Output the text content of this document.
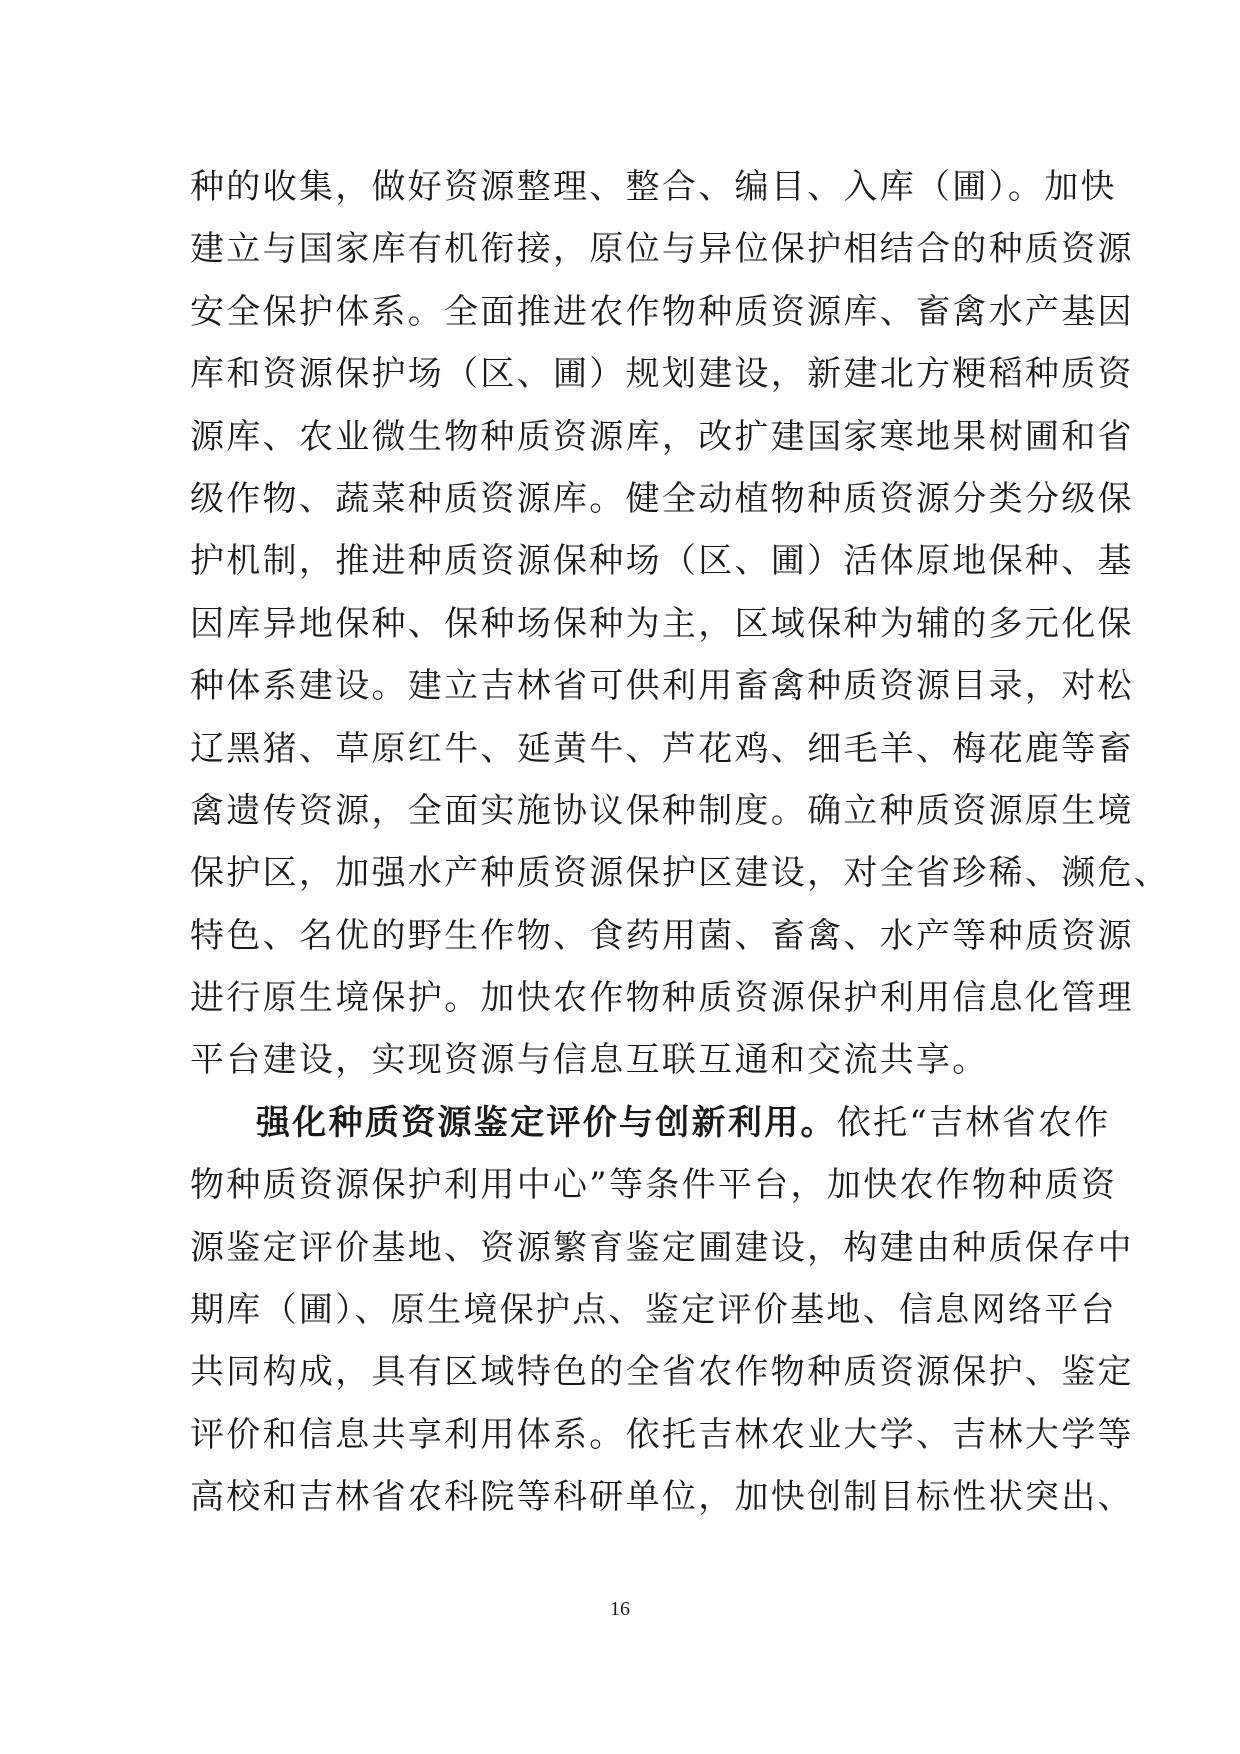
种的收集，做好资源整理、整合、编目、入库（圃）。加快
建立与国家库有机衔接，原位与异位保护相结合的种质资源
安全保护体系。全面推进农作物种质资源库、畜禽水产基因
库和资源保护场（区、圃）规划建设，新建北方粳稻种质资
源库、农业微生物种质资源库，改扩建国家寒地果树圃和省
级作物、蔬菜种质资源库。健全动植物种质资源分类分级保
护机制，推进种质资源保种场（区、圃）活体原地保种、基
因库异地保种、保种场保种为主，区域保种为辅的多元化保
种体系建设。建立吉林省可供利用畜禽种质资源目录，对松
辽黑猪、草原红牛、延黄牛、芦花鸡、细毛羊、梅花鹿等畜
禽遗传资源，全面实施协议保种制度。确立种质资源原生境
保护区，加强水产种质资源保护区建设，对全省珍稀、濒危、
特色、名优的野生作物、食药用菌、畜禽、水产等种质资源
进行原生境保护。加快农作物种质资源保护利用信息化管理
平台建设，实现资源与信息互联互通和交流共享。
强化种质资源鉴定评价与创新利用。依托“吉林省农作
物种质资源保护利用中心”等条件平台，加快农作物种质资
源鉴定评价基地、资源繁育鉴定圃建设，构建由种质保存中
期库（圃）、原生境保护点、鉴定评价基地、信息网络平台
共同构成，具有区域特色的全省农作物种质资源保护、鉴定
评价和信息共享利用体系。依托吉林农业大学、吉林大学等
高校和吉林省农科院等科研单位，加快创制目标性状突出、
16
